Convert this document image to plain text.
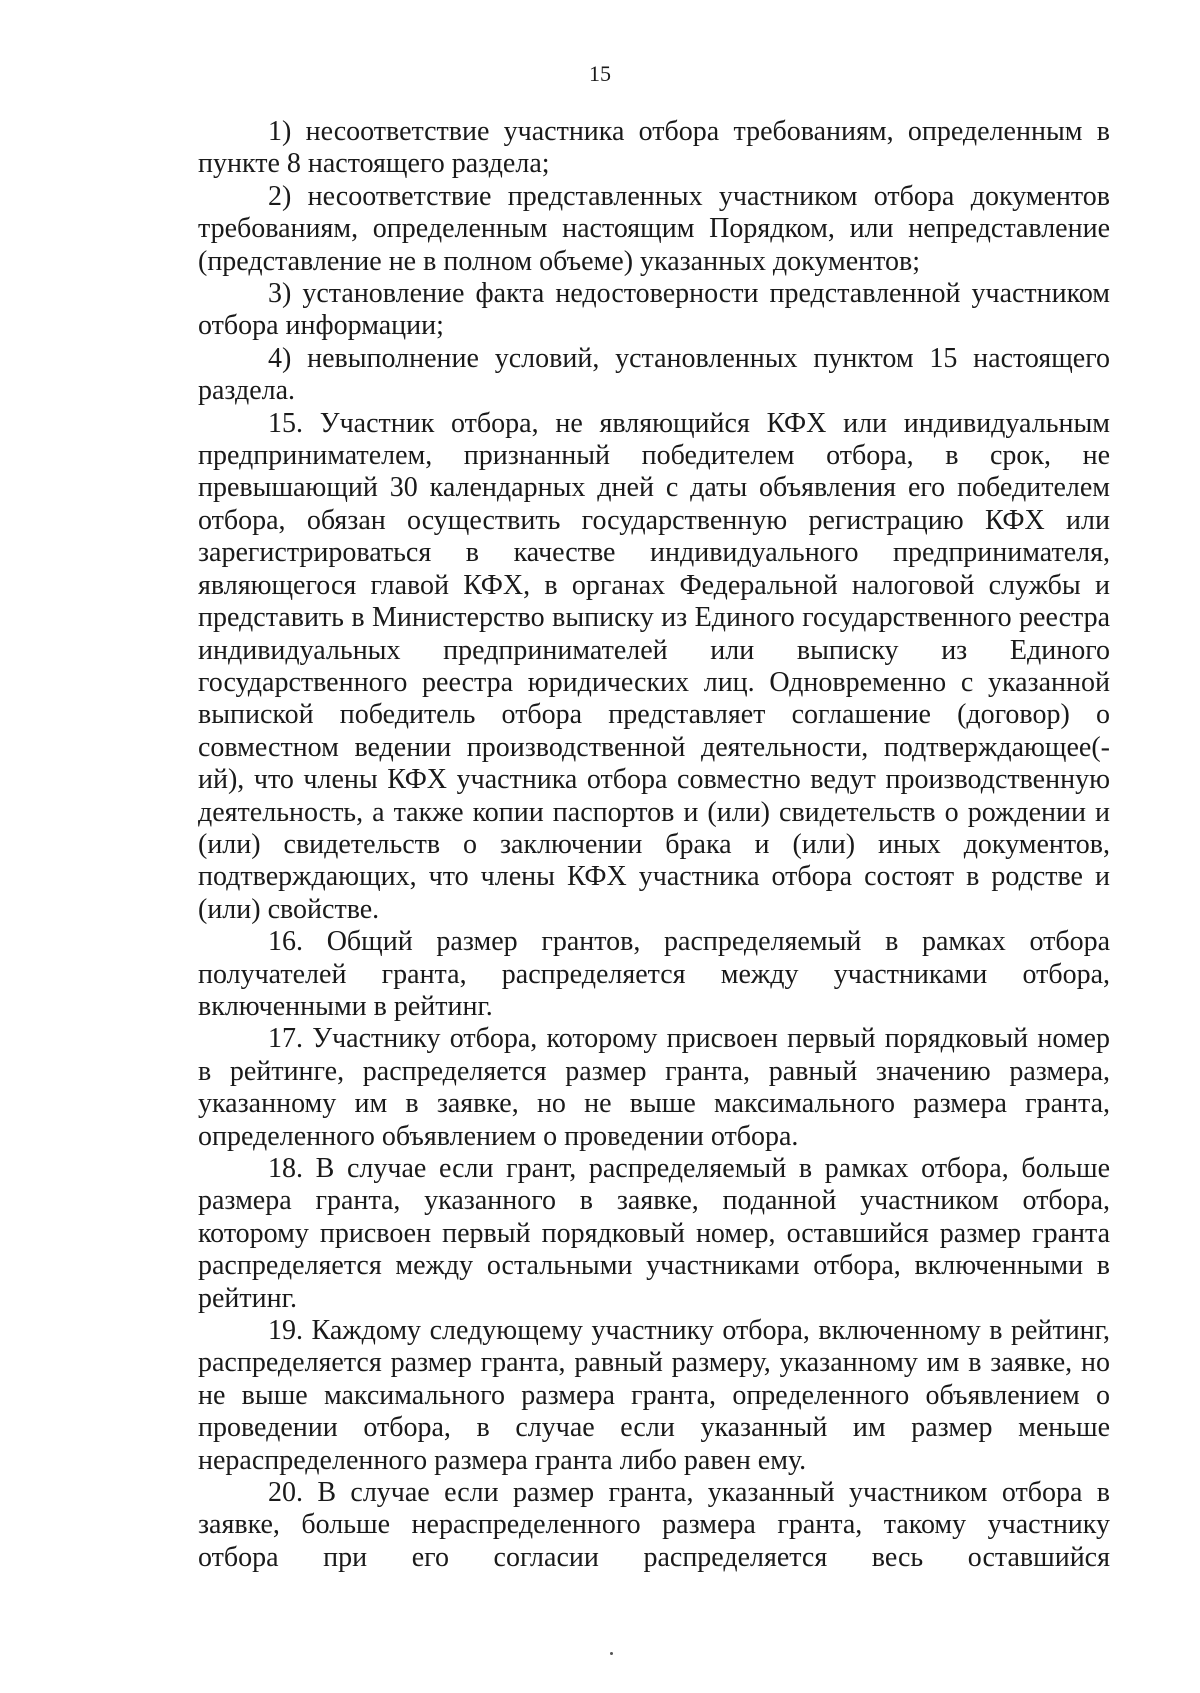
15

1) несоответствие участника отбора требованиям, определенным в пункте 8 настоящего раздела;

2) несоответствие представленных участником отбора документов требованиям, определенным настоящим Порядком, или непредставление (представление не в полном объеме) указанных документов;

3) установление факта недостоверности представленной участником отбора информации;

4) невыполнение условий, установленных пунктом 15 настоящего раздела.

15. Участник отбора, не являющийся КФХ или индивидуальным предпринимателем, признанный победителем отбора, в срок, не превышающий 30 календарных дней с даты объявления его победителем отбора, обязан осуществить государственную регистрацию КФХ или зарегистрироваться в качестве индивидуального предпринимателя, являющегося главой КФХ, в органах Федеральной налоговой службы и представить в Министерство выписку из Единого государственного реестра индивидуальных предпринимателей или выписку из Единого государственного реестра юридических лиц. Одновременно с указанной выпиской победитель отбора представляет соглашение (договор) о совместном ведении производственной деятельности, подтверждающее(-ий), что члены КФХ участника отбора совместно ведут производственную деятельность, а также копии паспортов и (или) свидетельств о рождении и (или) свидетельств о заключении брака и (или) иных документов, подтверждающих, что члены КФХ участника отбора состоят в родстве и (или) свойстве.

16. Общий размер грантов, распределяемый в рамках отбора получателей гранта, распределяется между участниками отбора, включенными в рейтинг.

17. Участнику отбора, которому присвоен первый порядковый номер в рейтинге, распределяется размер гранта, равный значению размера, указанному им в заявке, но не выше максимального размера гранта, определенного объявлением о проведении отбора.

18. В случае если грант, распределяемый в рамках отбора, больше размера гранта, указанного в заявке, поданной участником отбора, которому присвоен первый порядковый номер, оставшийся размер гранта распределяется между остальными участниками отбора, включенными в рейтинг.

19. Каждому следующему участнику отбора, включенному в рейтинг, распределяется размер гранта, равный размеру, указанному им в заявке, но не выше максимального размера гранта, определенного объявлением о проведении отбора, в случае если указанный им размер меньше нераспределенного размера гранта либо равен ему.

20. В случае если размер гранта, указанный участником отбора в заявке, больше нераспределенного размера гранта, такому участнику отбора при его согласии распределяется весь оставшийся
